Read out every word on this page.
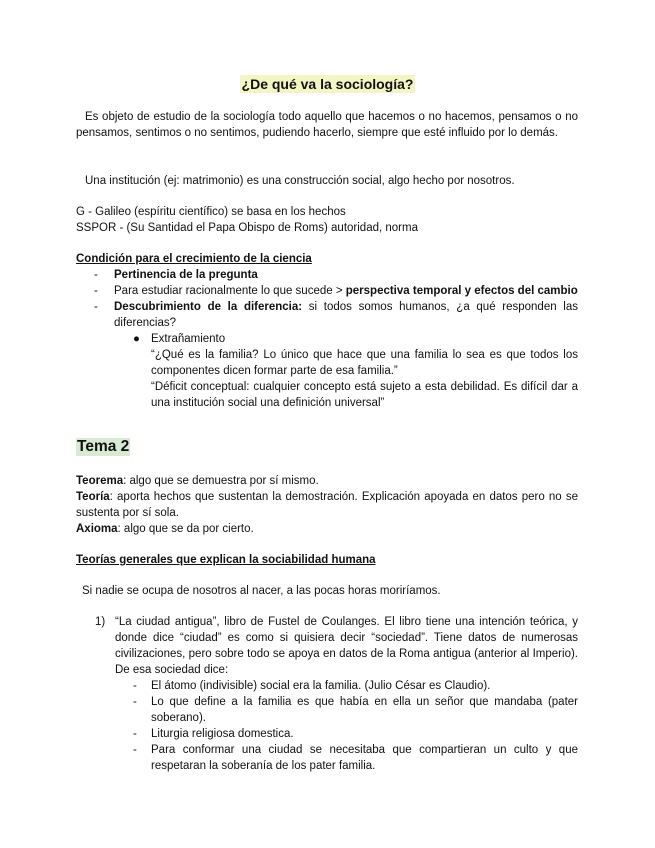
¿De qué va la sociología?
Es objeto de estudio de la sociología todo aquello que hacemos o no hacemos, pensamos o no pensamos, sentimos o no sentimos, pudiendo hacerlo, siempre que esté influido por lo demás.
Una institución (ej: matrimonio) es una construcción social, algo hecho por nosotros.
G - Galileo (espíritu científico) se basa en los hechos
SSPOR - (Su Santidad el Papa Obispo de Roms) autoridad, norma
Condición para el crecimiento de la ciencia
- Pertinencia de la pregunta
- Para estudiar racionalmente lo que sucede > perspectiva temporal y efectos del cambio
- Descubrimiento de la diferencia: si todos somos humanos, ¿a qué responden las diferencias?
● Extrañamiento
“¿Qué es la familia? Lo único que hace que una familia lo sea es que todos los componentes dicen formar parte de esa familia.”
“Déficit conceptual: cualquier concepto está sujeto a esta debilidad. Es difícil dar a una institución social una definición universal”
Tema 2
Teorema: algo que se demuestra por sí mismo.
Teoría: aporta hechos que sustentan la demostración. Explicación apoyada en datos pero no se sustenta por sí sola.
Axioma: algo que se da por cierto.
Teorías generales que explican la sociabilidad humana
Si nadie se ocupa de nosotros al nacer, a las pocas horas moriríamos.
1) “La ciudad antigua”, libro de Fustel de Coulanges. El libro tiene una intención teórica, y donde dice “ciudad” es como si quisiera decir “sociedad”. Tiene datos de numerosas civilizaciones, pero sobre todo se apoya en datos de la Roma antigua (anterior al Imperio). De esa sociedad dice:
- El átomo (indivisible) social era la familia. (Julio César es Claudio).
- Lo que define a la familia es que había en ella un señor que mandaba (pater soberano).
- Liturgia religiosa domestica.
- Para conformar una ciudad se necesitaba que compartieran un culto y que respetaran la soberanía de los pater familia.
